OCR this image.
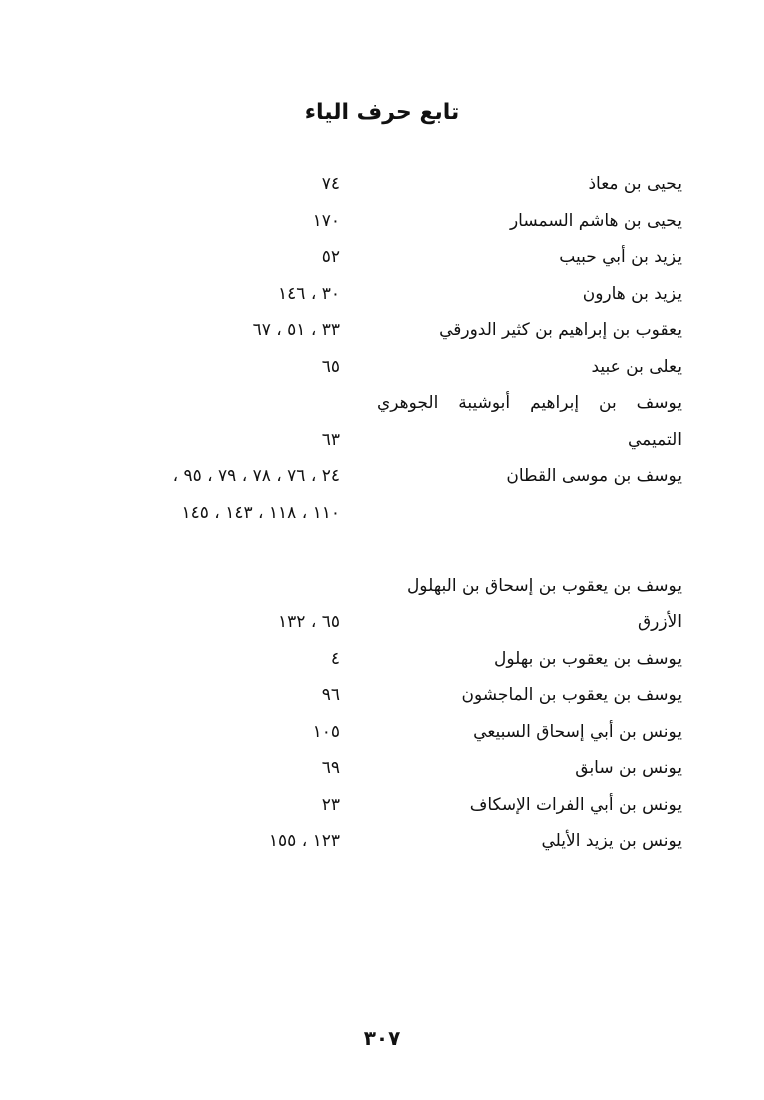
تابع حرف الياء
يحيى بن معاذ
٧٤
يحيى بن هاشم السمسار
١٧٠
يزيد بن أبي حبيب
٥٢
يزيد بن هارون
٣٠ ، ١٤٦
يعقوب بن إبراهيم بن كثير الدورقي
٣٣ ، ٥١ ، ٦٧
يعلى بن عبيد
٦٥
يوسف بن إبراهيم أبوشيبة الجوهري
التميمي
٦٣
يوسف بن موسى القطان
٢٤ ، ٧٦ ، ٧٨ ، ٧٩ ، ٩٥ ،
١١٠ ، ١١٨ ، ١٤٣ ، ١٤٥
يوسف بن يعقوب بن إسحاق بن البهلول
الأزرق
٦٥ ، ١٣٢
يوسف بن يعقوب بن بهلول
٤
يوسف بن يعقوب بن الماجشون
٩٦
يونس بن أبي إسحاق السبيعي
١٠٥
يونس بن سابق
٦٩
يونس بن أبي الفرات الإسكاف
٢٣
يونس بن يزيد الأيلي
١٢٣ ، ١٥٥

٣٠٧
